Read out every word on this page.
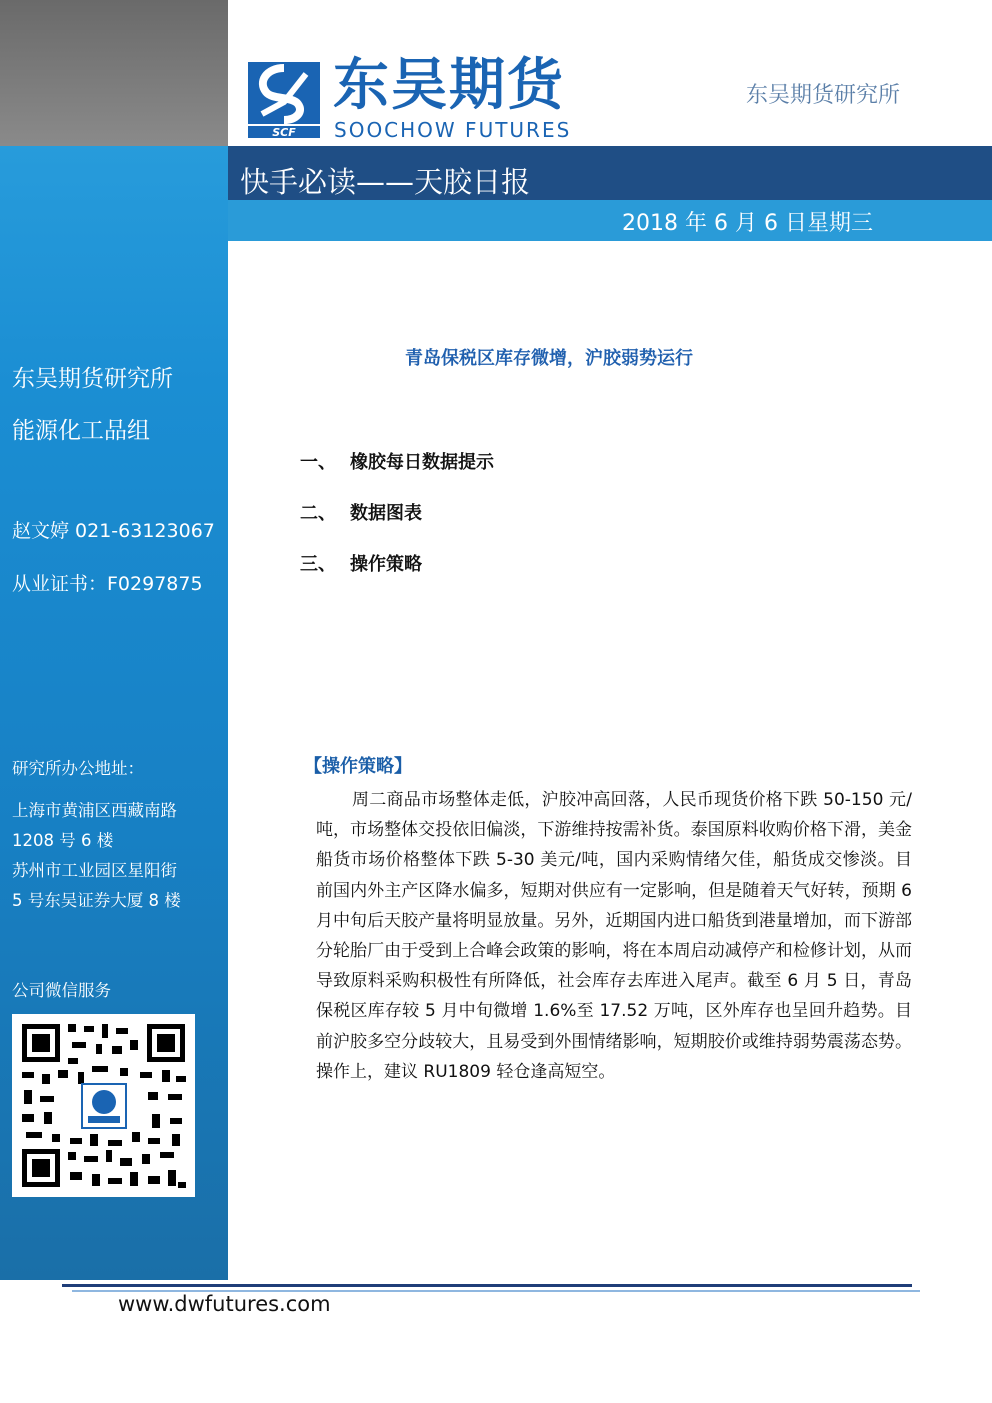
东吴期货研究所
能源化工品组
赵文婷 021-63123067
从业证书：F0297875
研究所办公地址：
上海市黄浦区西藏南路
1208 号 6 楼
苏州市工业园区星阳街
5 号东吴证券大厦 8 楼
公司微信服务
SCF
东吴期货
SOOCHOW FUTURES
东吴期货研究所
快手必读——天胶日报
2018 年 6 月 6 日星期三
青岛保税区库存微增，沪胶弱势运行
一、 橡胶每日数据提示
二、 数据图表
三、 操作策略
【操作策略】
周二商品市场整体走低，沪胶冲高回落，人民币现货价格下跌 50-150 元/吨，市场整体交投依旧偏淡，下游维持按需补货。泰国原料收购价格下滑，美金船货市场价格整体下跌 5-30 美元/吨，国内采购情绪欠佳，船货成交惨淡。目前国内外主产区降水偏多，短期对供应有一定影响，但是随着天气好转，预期 6 月中旬后天胶产量将明显放量。另外，近期国内进口船货到港量增加，而下游部分轮胎厂由于受到上合峰会政策的影响，将在本周启动减停产和检修计划，从而导致原料采购积极性有所降低，社会库存去库进入尾声。截至 6 月 5 日，青岛保税区库存较 5 月中旬微增 1.6%至 17.52 万吨，区外库存也呈回升趋势。目前沪胶多空分歧较大，且易受到外围情绪影响，短期胶价或维持弱势震荡态势。操作上，建议 RU1809 轻仓逢高短空。
www.dwfutures.com
